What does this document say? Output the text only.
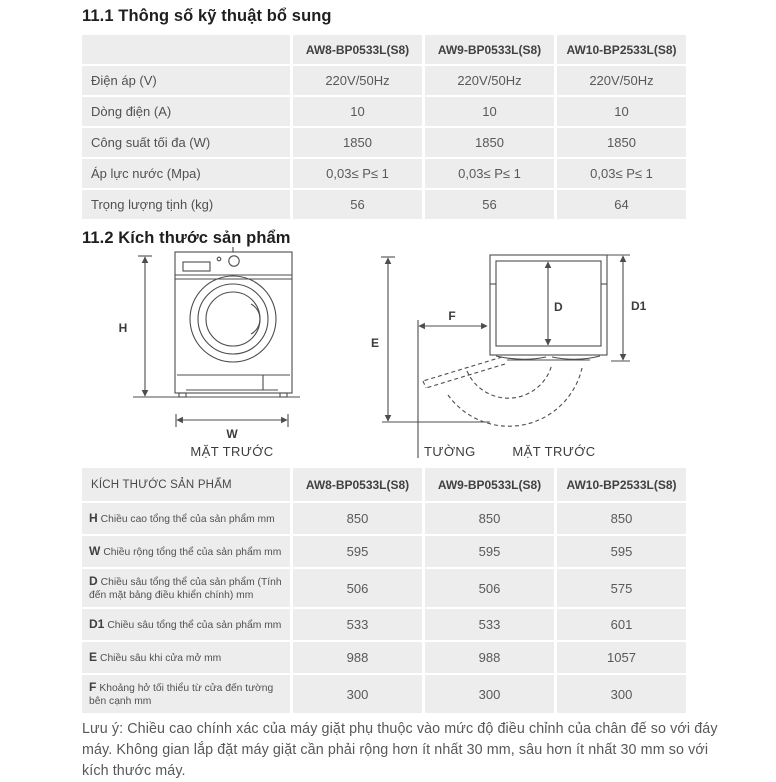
11.1 Thông số kỹ thuật bổ sung
	AW8-BP0533L(S8)	AW9-BP0533L(S8)	AW10-BP2533L(S8)
Điện áp (V)	220V/50Hz	220V/50Hz	220V/50Hz
Dòng điện (A)	10	10	10
Công suất tối đa (W)	1850	1850	1850
Áp lực nước (Mpa)	0,03≤ P≤ 1	0,03≤ P≤ 1	0,03≤ P≤ 1
Trọng lượng tịnh (kg)	56	56	64
11.2 Kích thước sản phẩm
H
W
MẶT TRƯỚC
E
F
D	D1
TƯỜNG	MẶT TRƯỚC
KÍCH THƯỚC SẢN PHẨM	AW8-BP0533L(S8)	AW9-BP0533L(S8)	AW10-BP2533L(S8)
H Chiều cao tổng thể của sản phẩm mm	850	850	850
W Chiều rộng tổng thể của sản phẩm mm	595	595	595
D Chiều sâu tổng thể của sản phẩm (Tính đến mặt bảng điều khiển chính) mm	506	506	575
D1 Chiều sâu tổng thể của sản phẩm mm	533	533	601
E Chiều sâu khi cửa mở mm	988	988	1057
F Khoảng hở tối thiểu từ cửa đến tường bên cạnh mm	300	300	300

Lưu ý: Chiều cao chính xác của máy giặt phụ thuộc vào mức độ điều chỉnh của chân đế so với đáy máy. Không gian lắp đặt máy giặt cần phải rộng hơn ít nhất 30 mm, sâu hơn ít nhất 30 mm so với kích thước máy.
